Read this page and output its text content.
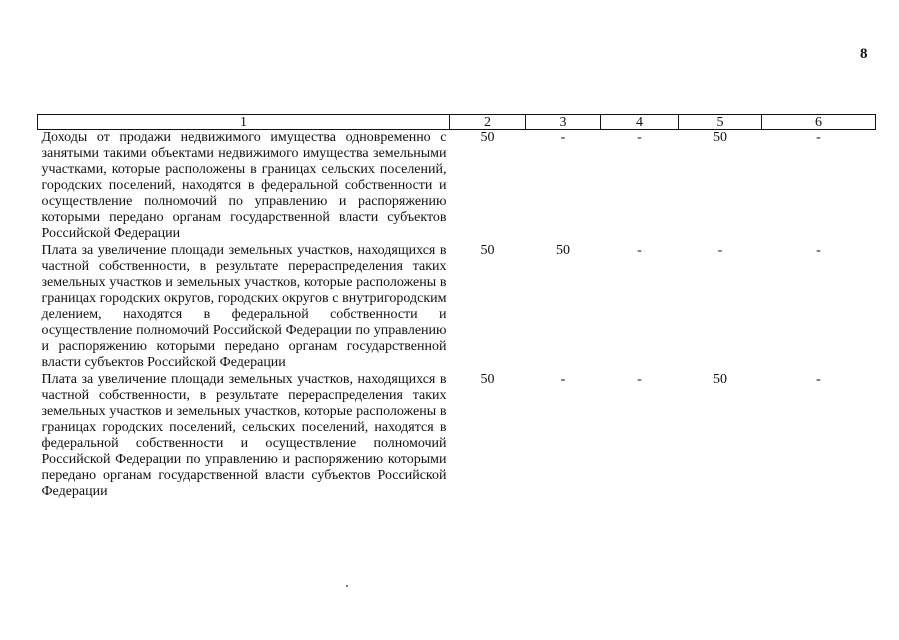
8
1	2	3	4	5	6
Доходы от продажи недвижимого имущества одновременно с занятыми такими объектами недвижимого имущества земельными участками, которые расположены в границах сельских поселений, городских поселений, находятся в федеральной собственности и осуществление полномочий по управлению и распоряжению которыми передано органам государственной власти субъектов Российской Федерации	50	-	-	50	-
Плата за увеличение площади земельных участков, находящихся в частной собственности, в результате перераспределения таких земельных участков и земельных участков, которые расположены в границах городских округов, городских округов с внутригородским делением, находятся в федеральной собственности и осуществление полномочий Российской Федерации по управлению и распоряжению которыми передано органам государственной власти субъектов Российской Федерации	50	50	-	-	-
Плата за увеличение площади земельных участков, находящихся в частной собственности, в результате перераспределения таких земельных участков и земельных участков, которые расположены в границах городских поселений, сельских поселений, находятся в федеральной собственности и осуществление полномочий Российской Федерации по управлению и распоряжению которыми передано органам государственной власти субъектов Российской Федерации	50	-	-	50	-
